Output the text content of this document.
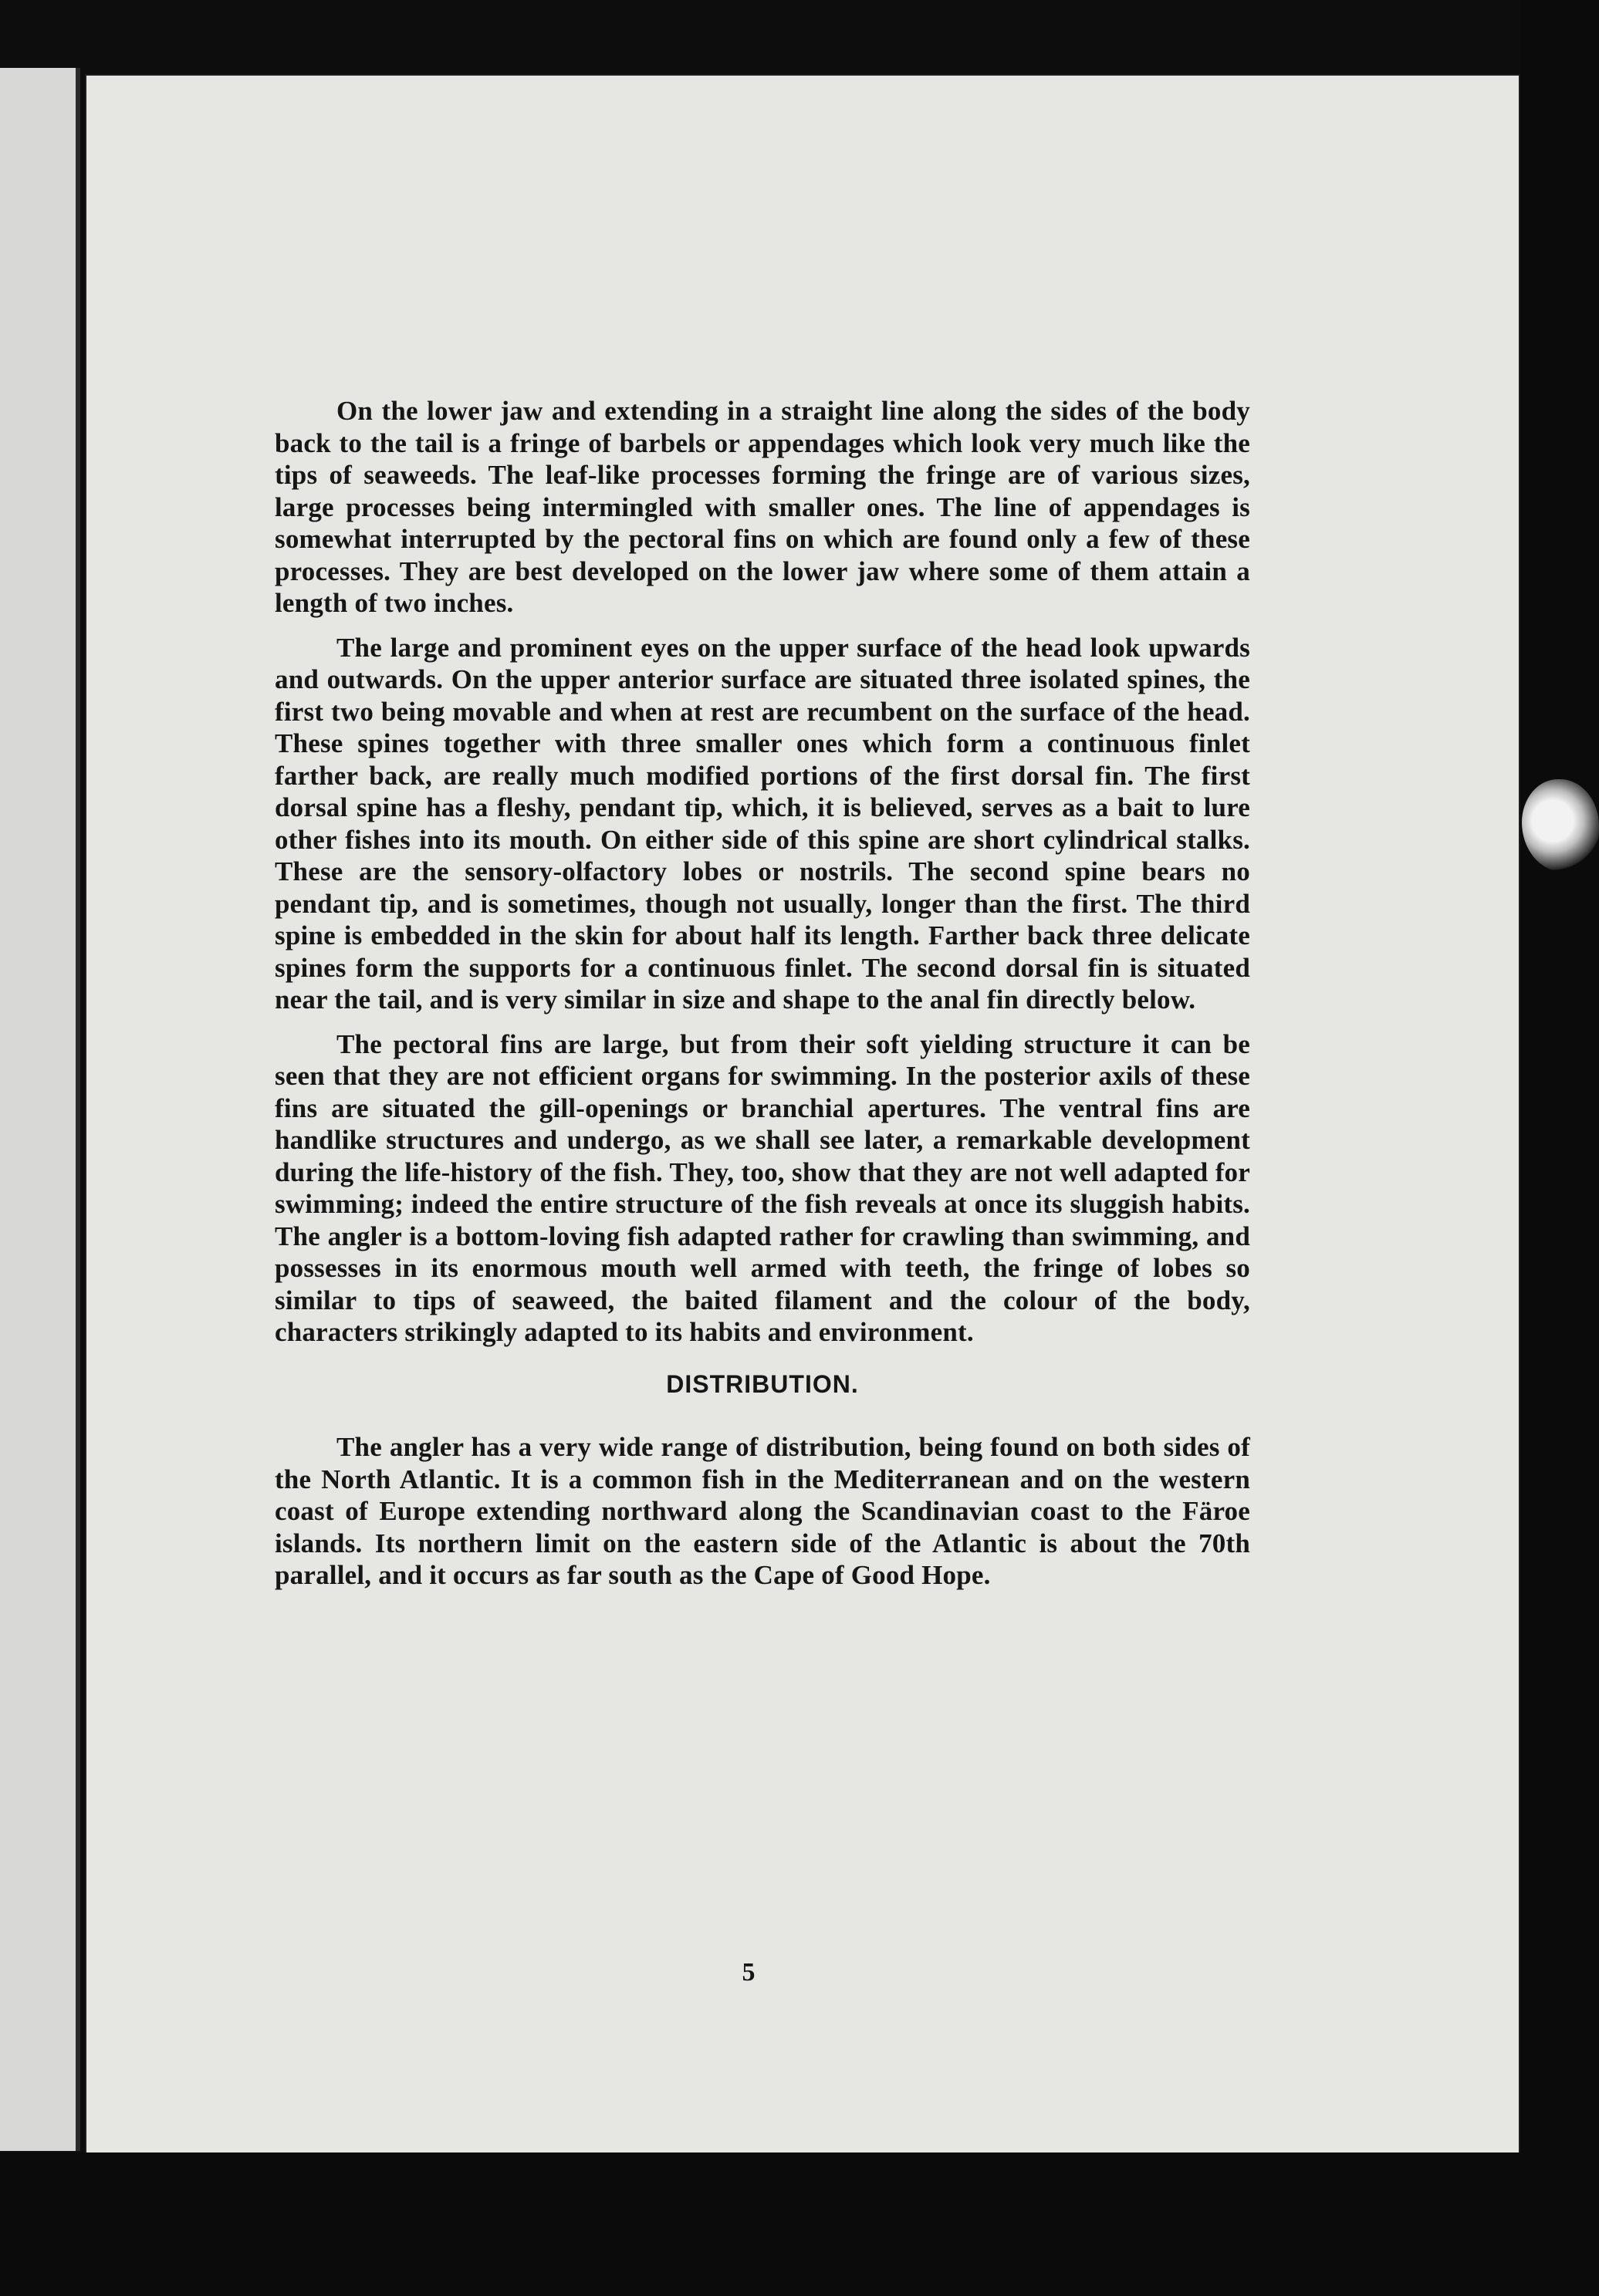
On the lower jaw and extending in a straight line along the sides of the body back to the tail is a fringe of barbels or appendages which look very much like the tips of seaweeds. The leaf-like processes forming the fringe are of various sizes, large processes being intermingled with smaller ones. The line of appendages is somewhat interrupted by the pectoral fins on which are found only a few of these processes. They are best developed on the lower jaw where some of them attain a length of two inches.

The large and prominent eyes on the upper surface of the head look upwards and outwards. On the upper anterior surface are situated three isolated spines, the first two being movable and when at rest are recumbent on the surface of the head. These spines together with three smaller ones which form a continuous finlet farther back, are really much modified portions of the first dorsal fin. The first dorsal spine has a fleshy, pendant tip, which, it is believed, serves as a bait to lure other fishes into its mouth. On either side of this spine are short cylindrical stalks. These are the sensory-olfactory lobes or nostrils. The second spine bears no pendant tip, and is sometimes, though not usually, longer than the first. The third spine is embedded in the skin for about half its length. Farther back three delicate spines form the supports for a continuous finlet. The second dorsal fin is situated near the tail, and is very similar in size and shape to the anal fin directly below.

The pectoral fins are large, but from their soft yielding structure it can be seen that they are not efficient organs for swimming. In the posterior axils of these fins are situated the gill-openings or branchial apertures. The ventral fins are handlike structures and undergo, as we shall see later, a remarkable development during the life-history of the fish. They, too, show that they are not well adapted for swimming; indeed the entire structure of the fish reveals at once its sluggish habits. The angler is a bottom-loving fish adapted rather for crawling than swimming, and possesses in its enormous mouth well armed with teeth, the fringe of lobes so similar to tips of seaweed, the baited filament and the colour of the body, characters strikingly adapted to its habits and environment.

DISTRIBUTION.

The angler has a very wide range of distribution, being found on both sides of the North Atlantic. It is a common fish in the Mediterranean and on the western coast of Europe extending northward along the Scandinavian coast to the Färoe islands. Its northern limit on the eastern side of the Atlantic is about the 70th parallel, and it occurs as far south as the Cape of Good Hope.

5
